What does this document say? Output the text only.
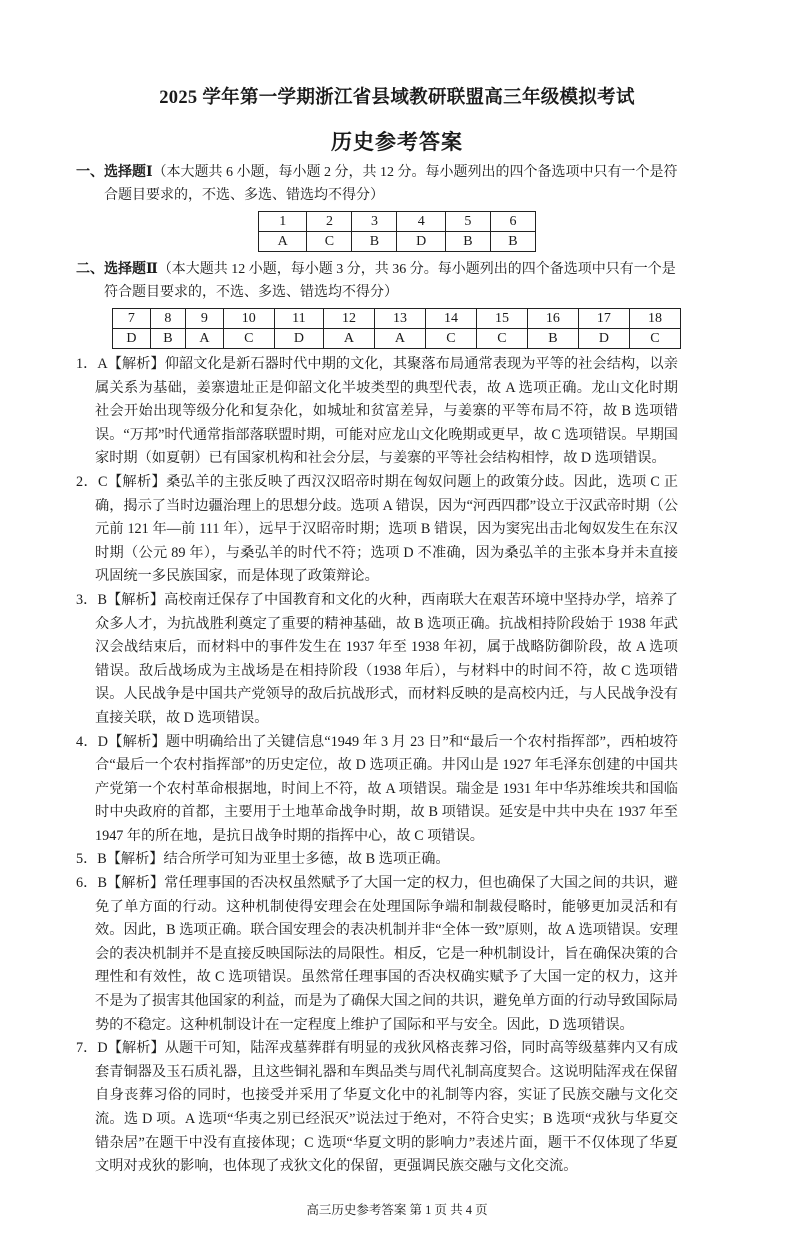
2025 学年第一学期浙江省县域教研联盟高三年级模拟考试
历史参考答案
一、选择题Ⅰ（本大题共 6 小题，每小题 2 分，共 12 分。每小题列出的四个备选项中只有一个是符合题目要求的，不选、多选、错选均不得分）
1	2	3	4	5	6
A	C	B	D	B	B
二、选择题Ⅱ（本大题共 12 小题，每小题 3 分，共 36 分。每小题列出的四个备选项中只有一个是符合题目要求的，不选、多选、错选均不得分）
7	8	9	10	11	12	13	14	15	16	17	18
D	B	A	C	D	A	A	C	C	B	D	C

1．A【解析】仰韶文化是新石器时代中期的文化，其聚落布局通常表现为平等的社会结构，以亲属关系为基础，姜寨遗址正是仰韶文化半坡类型的典型代表，故 A 选项正确。龙山文化时期社会开始出现等级分化和复杂化，如城址和贫富差异，与姜寨的平等布局不符，故 B 选项错误。“万邦”时代通常指部落联盟时期，可能对应龙山文化晚期或更早，故 C 选项错误。早期国家时期（如夏朝）已有国家机构和社会分层，与姜寨的平等社会结构相悖，故 D 选项错误。

2．C【解析】桑弘羊的主张反映了西汉汉昭帝时期在匈奴问题上的政策分歧。因此，选项 C 正确，揭示了当时边疆治理上的思想分歧。选项 A 错误，因为“河西四郡”设立于汉武帝时期（公元前 121 年—前 111 年），远早于汉昭帝时期；选项 B 错误，因为窦宪出击北匈奴发生在东汉时期（公元 89 年），与桑弘羊的时代不符；选项 D 不准确，因为桑弘羊的主张本身并未直接巩固统一多民族国家，而是体现了政策辩论。

3．B【解析】高校南迁保存了中国教育和文化的火种，西南联大在艰苦环境中坚持办学，培养了众多人才，为抗战胜利奠定了重要的精神基础，故 B 选项正确。抗战相持阶段始于 1938 年武汉会战结束后，而材料中的事件发生在 1937 年至 1938 年初，属于战略防御阶段，故 A 选项错误。敌后战场成为主战场是在相持阶段（1938 年后），与材料中的时间不符，故 C 选项错误。人民战争是中国共产党领导的敌后抗战形式，而材料反映的是高校内迁，与人民战争没有直接关联，故 D 选项错误。

4．D【解析】题中明确给出了关键信息“1949 年 3 月 23 日”和“最后一个农村指挥部”，西柏坡符合“最后一个农村指挥部”的历史定位，故 D 选项正确。井冈山是 1927 年毛泽东创建的中国共产党第一个农村革命根据地，时间上不符，故 A 项错误。瑞金是 1931 年中华苏维埃共和国临时中央政府的首都，主要用于土地革命战争时期，故 B 项错误。延安是中共中央在 1937 年至 1947 年的所在地，是抗日战争时期的指挥中心，故 C 项错误。

5．B【解析】结合所学可知为亚里士多德，故 B 选项正确。

6．B【解析】常任理事国的否决权虽然赋予了大国一定的权力，但也确保了大国之间的共识，避免了单方面的行动。这种机制使得安理会在处理国际争端和制裁侵略时，能够更加灵活和有效。因此，B 选项正确。联合国安理会的表决机制并非“全体一致”原则，故 A 选项错误。安理会的表决机制并不是直接反映国际法的局限性。相反，它是一种机制设计，旨在确保决策的合理性和有效性，故 C 选项错误。虽然常任理事国的否决权确实赋予了大国一定的权力，这并不是为了损害其他国家的利益，而是为了确保大国之间的共识，避免单方面的行动导致国际局势的不稳定。这种机制设计在一定程度上维护了国际和平与安全。因此，D 选项错误。

7．D【解析】从题干可知，陆浑戎墓葬群有明显的戎狄风格丧葬习俗，同时高等级墓葬内又有成套青铜器及玉石质礼器，且这些铜礼器和车舆品类与周代礼制高度契合。这说明陆浑戎在保留自身丧葬习俗的同时，也接受并采用了华夏文化中的礼制等内容，实证了民族交融与文化交流。选 D 项。A 选项“华夷之别已经泯灭”说法过于绝对，不符合史实；B 选项“戎狄与华夏交错杂居”在题干中没有直接体现；C 选项“华夏文明的影响力”表述片面，题干不仅体现了华夏文明对戎狄的影响，也体现了戎狄文化的保留，更强调民族交融与文化交流。

高三历史参考答案 第 1 页 共 4 页
